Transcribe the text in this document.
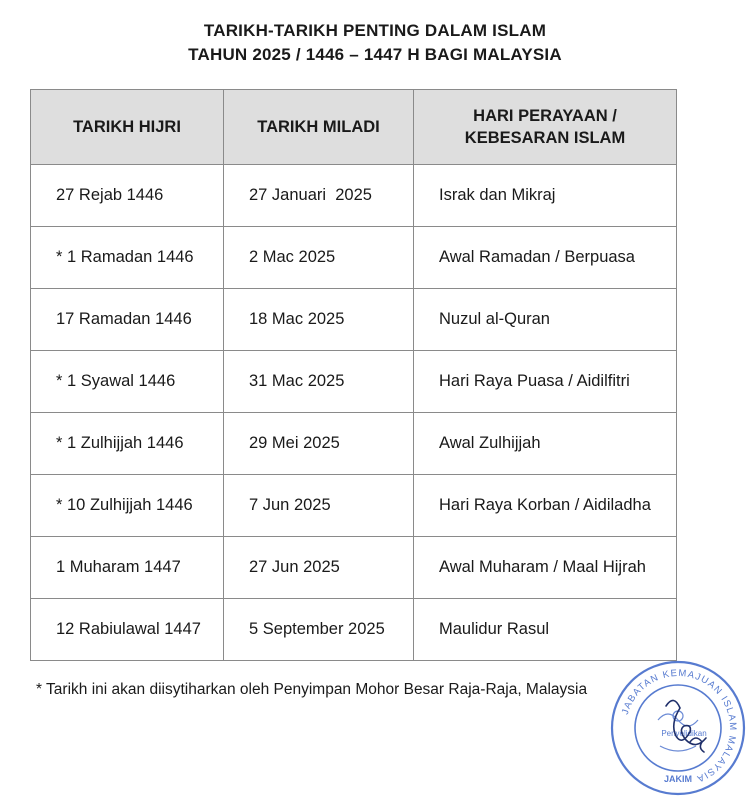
TARIKH-TARIKH PENTING DALAM ISLAM
TAHUN 2025 / 1446 – 1447 H BAGI MALAYSIA
TARIKH HIJRI	TARIKH MILADI	HARI PERAYAAN /
KEBESARAN ISLAM
27 Rejab 1446	27 Januari  2025	Israk dan Mikraj
* 1 Ramadan 1446	2 Mac 2025	Awal Ramadan / Berpuasa
17 Ramadan 1446	18 Mac 2025	Nuzul al-Quran
* 1 Syawal 1446	31 Mac 2025	Hari Raya Puasa / Aidilfitri
* 1 Zulhijjah 1446	29 Mei 2025	Awal Zulhijjah
* 10 Zulhijjah 1446	7 Jun 2025	Hari Raya Korban / Aidiladha
1 Muharam 1447	27 Jun 2025	Awal Muharam / Maal Hijrah
12 Rabiulawal 1447	5 September 2025	Maulidur Rasul
* Tarikh ini akan diisytiharkan oleh Penyimpan Mohor Besar Raja-Raja, Malaysia
JABATAN KEMAJUAN ISLAM MALAYSIA
JAKIM
Penyelidikan
